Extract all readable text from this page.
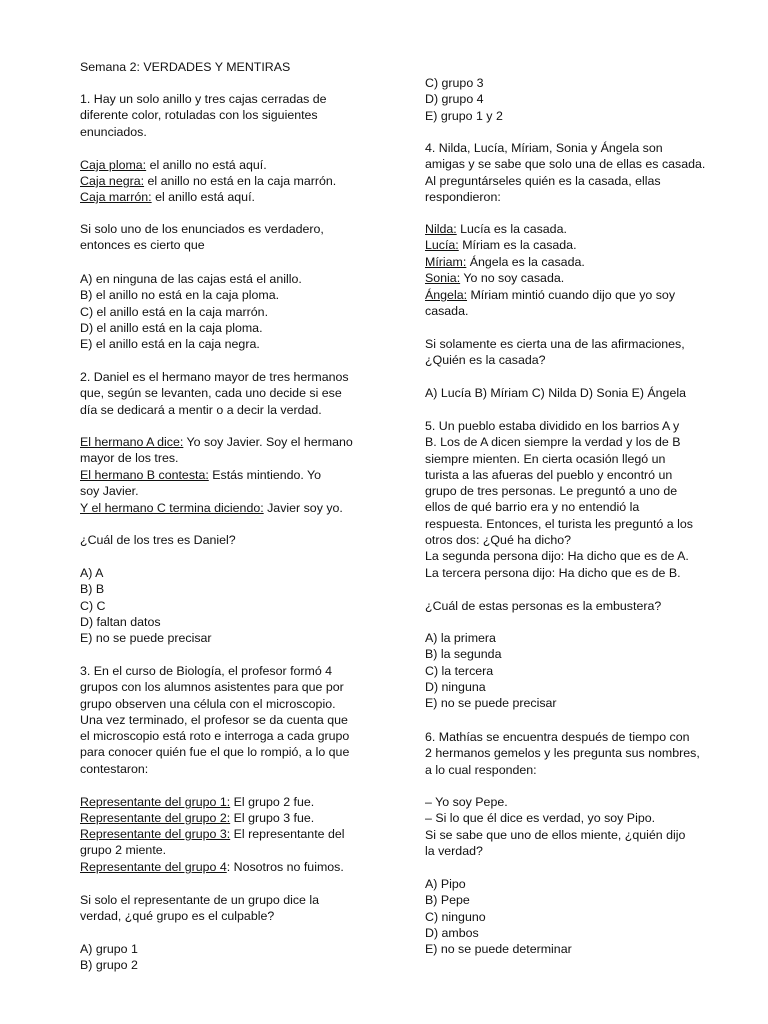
Semana 2: VERDADES Y MENTIRAS

1. Hay un solo anillo y tres cajas cerradas de
diferente color, rotuladas con los siguientes
enunciados.

Caja ploma: el anillo no está aquí.

Caja negra: el anillo no está en la caja marrón.

Caja marrón: el anillo está aquí.

Si solo uno de los enunciados es verdadero,
entonces es cierto que

A) en ninguna de las cajas está el anillo.
B) el anillo no está en la caja ploma.
C) el anillo está en la caja marrón.
D) el anillo está en la caja ploma.
E) el anillo está en la caja negra.

2. Daniel es el hermano mayor de tres hermanos
que, según se levanten, cada uno decide si ese
día se dedicará a mentir o a decir la verdad.

El hermano A dice: Yo soy Javier. Soy el hermano
mayor de los tres.

El hermano B contesta: Estás mintiendo. Yo
soy Javier.

Y el hermano C termina diciendo: Javier soy yo.

¿Cuál de los tres es Daniel?

A) A
B) B
C) C
D) faltan datos
E) no se puede precisar

3. En el curso de Biología, el profesor formó 4
grupos con los alumnos asistentes para que por
grupo observen una célula con el microscopio.
Una vez terminado, el profesor se da cuenta que
el microscopio está roto e interroga a cada grupo
para conocer quién fue el que lo rompió, a lo que
contestaron:

Representante del grupo 1: El grupo 2 fue.

Representante del grupo 2: El grupo 3 fue.

Representante del grupo 3: El representante del
grupo 2 miente.

Representante del grupo 4: Nosotros no fuimos.

Si solo el representante de un grupo dice la
verdad, ¿qué grupo es el culpable?

A) grupo 1
B) grupo 2

C) grupo 3
D) grupo 4
E) grupo 1 y 2

4. Nilda, Lucía, Míriam, Sonia y Ángela son
amigas y se sabe que solo una de ellas es casada.
Al preguntárseles quién es la casada, ellas
respondieron:

Nilda: Lucía es la casada.

Lucía: Míriam es la casada.

Míriam: Ángela es la casada.

Sonia: Yo no soy casada.

Ángela: Míriam mintió cuando dijo que yo soy
casada.

Si solamente es cierta una de las afirmaciones,
¿Quién es la casada?

A) Lucía B) Míriam C) Nilda D) Sonia E) Ángela

5. Un pueblo estaba dividido en los barrios A y
B. Los de A dicen siempre la verdad y los de B
siempre mienten. En cierta ocasión llegó un
turista a las afueras del pueblo y encontró un
grupo de tres personas. Le preguntó a uno de
ellos de qué barrio era y no entendió la
respuesta. Entonces, el turista les preguntó a los
otros dos: ¿Qué ha dicho?
La segunda persona dijo: Ha dicho que es de A.
La tercera persona dijo: Ha dicho que es de B.

¿Cuál de estas personas es la embustera?

A) la primera
B) la segunda
C) la tercera
D) ninguna
E) no se puede precisar

6. Mathías se encuentra después de tiempo con
2 hermanos gemelos y les pregunta sus nombres,
a lo cual responden:

– Yo soy Pepe.
– Si lo que él dice es verdad, yo soy Pipo.
Si se sabe que uno de ellos miente, ¿quién dijo
la verdad?

A) Pipo
B) Pepe
C) ninguno
D) ambos
E) no se puede determinar
